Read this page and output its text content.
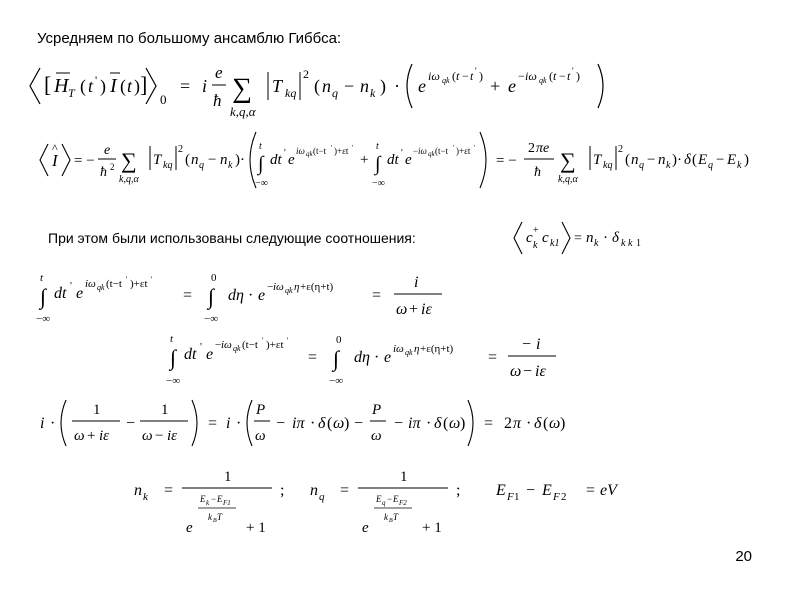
Усредняем по большому ансамблю Гиббса:
При этом были использованы следующие соотношения:
20
[ H T ( t ' ) I ( t ) ]
0
= i
e
ħ ∑
k,q,α
T kq
2
( n q − n k ) · e iω qk ( t − t ' ) + e − iω qk ( t − t ' )
I
^
= −
e
ħ 2 ∑
k,q,α
T kq
2
( n q − n k )·
t
∫
−∞
dt ' e
iω qk (t−t ' )+εt '
+
t
∫
−∞
dt ' e
− iω qk (t−t ' )+εt '
= −
2 πe
ħ ∑
k,q,α
T kq
2
( n q − n k )· δ ( E q − E k )
c +
k c k1 = n k · δ k k 1
t
∫
−∞
dt ' e
iω qk (t−t ' )+εt '
=
0
∫
−∞
dη · e − iω qk η +ε(η+t) =
i
ω + iε
t
∫
−∞
dt ' e
− iω qk (t−t ' )+εt '
=
0
∫
−∞
dη · e iω qk η +ε(η+t) =
− i
ω − iε
i ·
1
ω + iε
−
1
ω − iε
= i ·
P
ω
− iπ · δ ( ω ) −
P
ω
− iπ · δ ( ω ) = 2 π · δ ( ω )
n k =
1
E k − E F1
k B T
e	+ 1
; n q =
1
E q − E F2
k B T
e	+ 1
; E F 1 − E F 2 = eV
